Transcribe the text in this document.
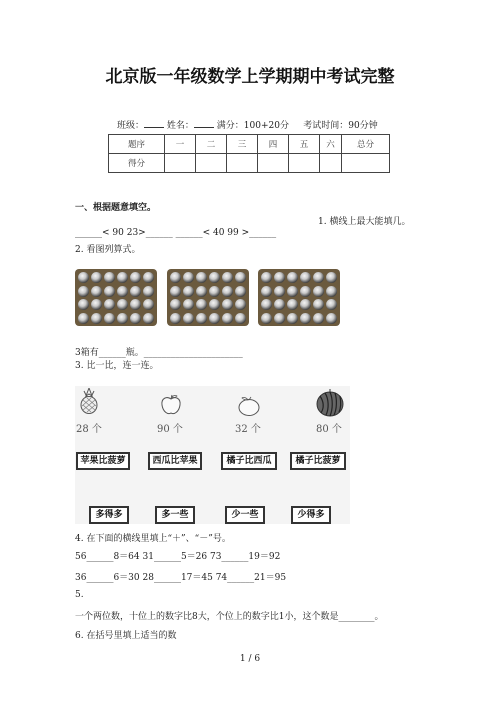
北京版一年级数学上学期期中考试完整
班级：	姓名：	满分：100+20分 考试时间：90分钟
题序	一	二	三	四	五	六	总分
得分							
一、根据题意填空。
1. 横线上最大能填几。
______< 90 23>______ ______< 40 99 >______
2. 看图列算式。
3箱有______瓶。______________________
3. 比一比，连一连。
28 个	90 个	32 个	80 个
苹果比菠萝	西瓜比苹果	橘子比西瓜	橘子比菠萝
多得多	多一些	少一些	少得多
4. 在下面的横线里填上“＋”、“－”号。
56______8＝64 31______5＝26 73______19＝92
36______6＝30 28______17＝45 74______21＝95
5.
一个两位数，十位上的数字比8大，个位上的数字比1小，这个数是________。
6. 在括号里填上适当的数
1 / 6
